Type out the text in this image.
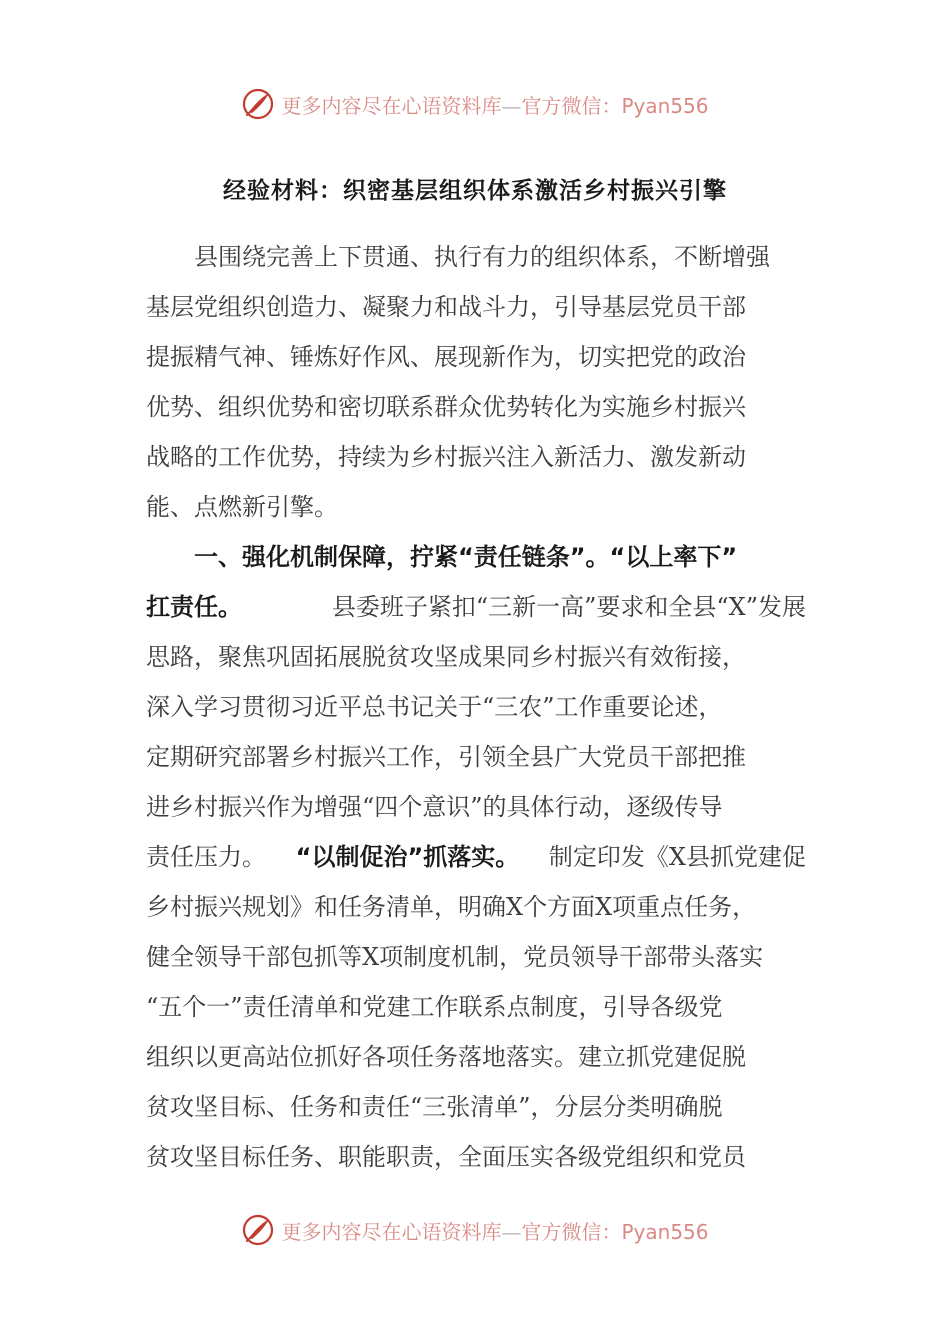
更多内容尽在心语资料库—官方微信：Pyan556
经验材料：织密基层组织体系激活乡村振兴引擎
县围绕完善上下贯通、执行有力的组织体系，不断增强
基层党组织创造力、凝聚力和战斗力，引导基层党员干部
提振精气神、锤炼好作风、展现新作为，切实把党的政治
优势、组织优势和密切联系群众优势转化为实施乡村振兴
战略的工作优势，持续为乡村振兴注入新活力、激发新动
能、点燃新引擎。
一、强化机制保障，拧紧“责任链条”。“以上率下”
扛责任。	县委班子紧扣“三新一高”要求和全县“X”发展
思路，聚焦巩固拓展脱贫攻坚成果同乡村振兴有效衔接，
深入学习贯彻习近平总书记关于“三农”工作重要论述，
定期研究部署乡村振兴工作，引领全县广大党员干部把推
进乡村振兴作为增强“四个意识”的具体行动，逐级传导
责任压力。 “以制促治”抓落实。 制定印发《X县抓党建促
乡村振兴规划》和任务清单，明确X个方面X项重点任务，
健全领导干部包抓等X项制度机制，党员领导干部带头落实
“五个一”责任清单和党建工作联系点制度，引导各级党
组织以更高站位抓好各项任务落地落实。建立抓党建促脱
贫攻坚目标、任务和责任“三张清单”，分层分类明确脱
贫攻坚目标任务、职能职责，全面压实各级党组织和党员
更多内容尽在心语资料库—官方微信：Pyan556
